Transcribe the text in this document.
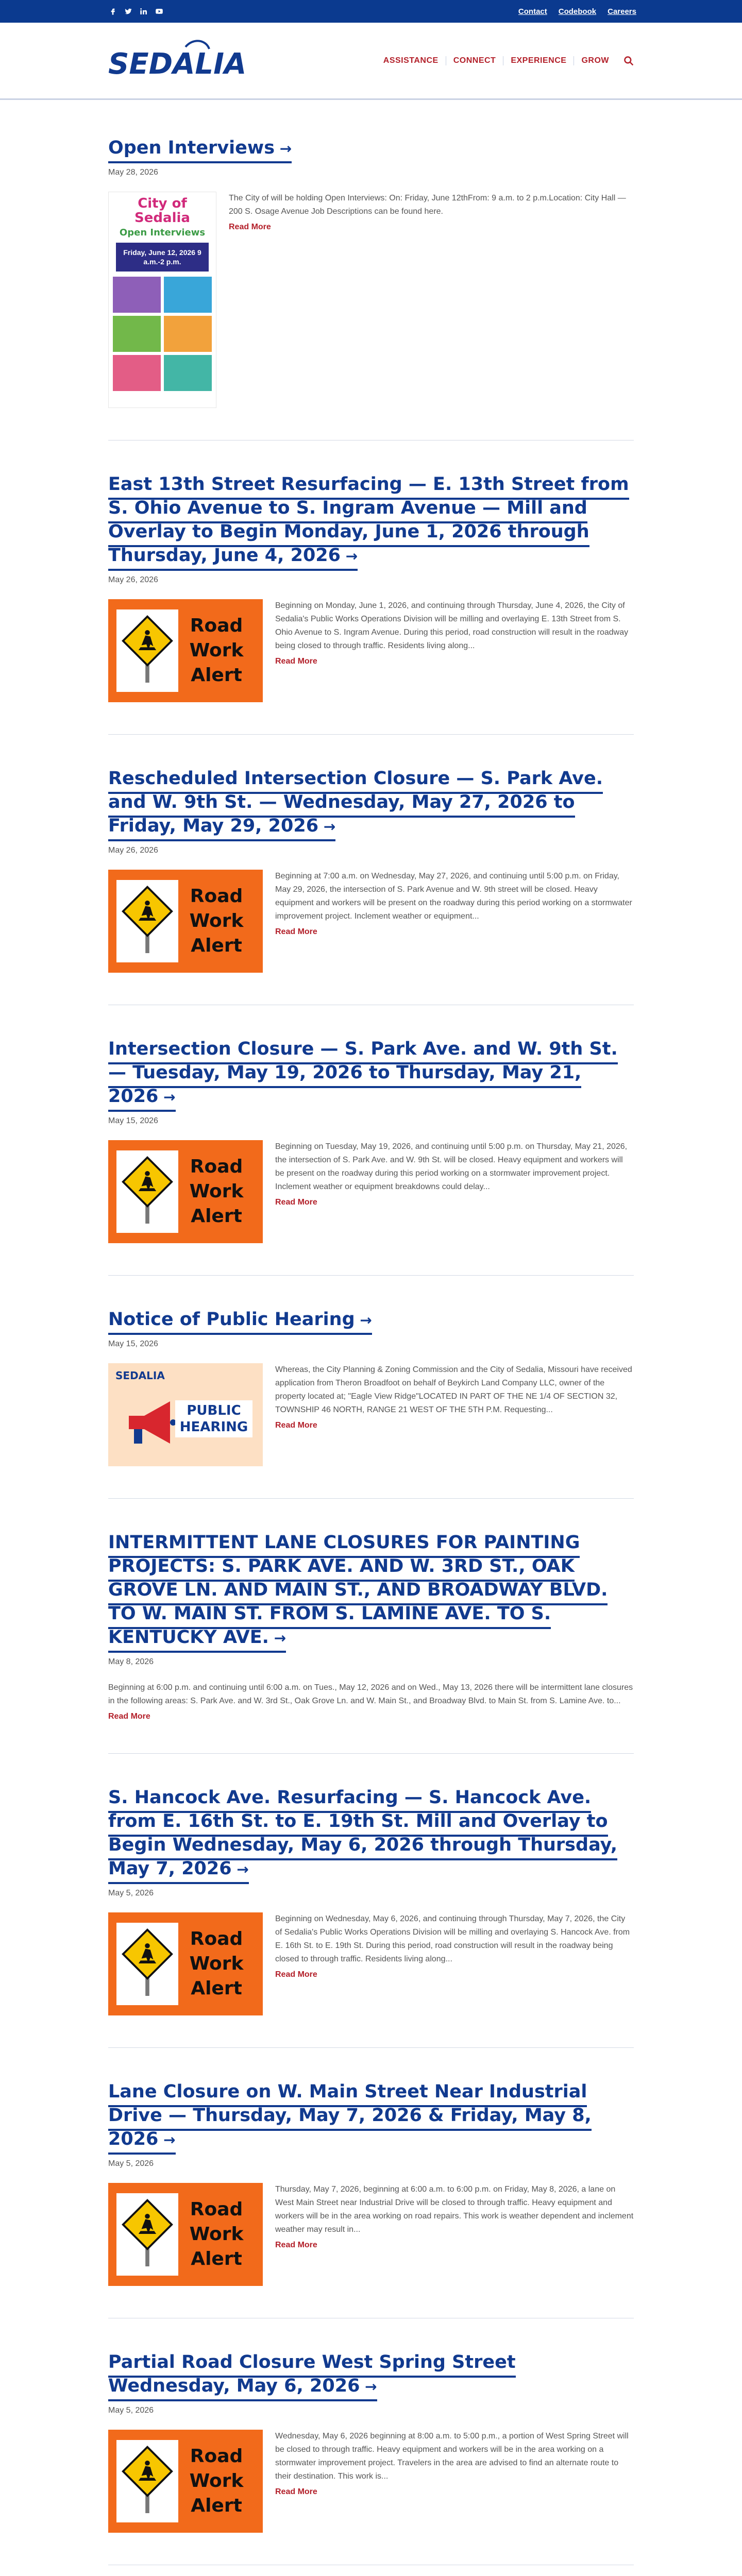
Contact Codebook Careers
SEDALIA	ASSISTANCE	CONNECT	EXPERIENCE	GROW
Open Interviews →
May 28, 2026
City of Sedalia
Open Interviews
Friday, June 12, 2026 9 a.m.-2 p.m.

The City of will be holding Open Interviews: On: Friday, June 12thFrom: 9 a.m. to 2 p.m.Location: City Hall — 200 S. Osage Avenue Job Descriptions can be found here.

Read More
East 13th Street Resurfacing — E. 13th Street from S. Ohio Avenue to S. Ingram Avenue — Mill and Overlay to Begin Monday, June 1, 2026 through Thursday, June 4, 2026 →
May 26, 2026
Road
Work
Alert

Beginning on Monday, June 1, 2026, and continuing through Thursday, June 4, 2026, the City of Sedalia's Public Works Operations Division will be milling and overlaying E. 13th Street from S. Ohio Avenue to S. Ingram Avenue. During this period, road construction will result in the roadway being closed to through traffic. Residents living along...

Read More
Rescheduled Intersection Closure — S. Park Ave. and W. 9th St. — Wednesday, May 27, 2026 to Friday, May 29, 2026 →
May 26, 2026
Road
Work
Alert

Beginning at 7:00 a.m. on Wednesday, May 27, 2026, and continuing until 5:00 p.m. on Friday, May 29, 2026, the intersection of S. Park Avenue and W. 9th street will be closed. Heavy equipment and workers will be present on the roadway during this period working on a stormwater improvement project. Inclement weather or equipment...

Read More
Intersection Closure — S. Park Ave. and W. 9th St. — Tuesday, May 19, 2026 to Thursday, May 21, 2026 →
May 15, 2026
Road
Work
Alert

Beginning on Tuesday, May 19, 2026, and continuing until 5:00 p.m. on Thursday, May 21, 2026, the intersection of S. Park Ave. and W. 9th St. will be closed. Heavy equipment and workers will be present on the roadway during this period working on a stormwater improvement project. Inclement weather or equipment breakdowns could delay...

Read More
Notice of Public Hearing →
May 15, 2026
SEDALIA
PUBLIC HEARING

Whereas, the City Planning & Zoning Commission and the City of Sedalia, Missouri have received application from Theron Broadfoot on behalf of Beykirch Land Company LLC, owner of the property located at; "Eagle View Ridge"LOCATED IN PART OF THE NE 1/4 OF SECTION 32, TOWNSHIP 46 NORTH, RANGE 21 WEST OF THE 5TH P.M. Requesting...

Read More
INTERMITTENT LANE CLOSURES FOR PAINTING PROJECTS: S. PARK AVE. AND W. 3RD ST., OAK GROVE LN. AND MAIN ST., AND BROADWAY BLVD. TO W. MAIN ST. FROM S. LAMINE AVE. TO S. KENTUCKY AVE. →
May 8, 2026

Beginning at 6:00 p.m. and continuing until 6:00 a.m. on Tues., May 12, 2026 and on Wed., May 13, 2026 there will be intermittent lane closures in the following areas: S. Park Ave. and W. 3rd St., Oak Grove Ln. and W. Main St., and Broadway Blvd. to Main St. from S. Lamine Ave. to...

Read More
S. Hancock Ave. Resurfacing — S. Hancock Ave. from E. 16th St. to E. 19th St. Mill and Overlay to Begin Wednesday, May 6, 2026 through Thursday, May 7, 2026 →
May 5, 2026
Road
Work
Alert

Beginning on Wednesday, May 6, 2026, and continuing through Thursday, May 7, 2026, the City of Sedalia's Public Works Operations Division will be milling and overlaying S. Hancock Ave. from E. 16th St. to E. 19th St. During this period, road construction will result in the roadway being closed to through traffic. Residents living along...

Read More
Lane Closure on W. Main Street Near Industrial Drive — Thursday, May 7, 2026 & Friday, May 8, 2026 →
May 5, 2026
Road
Work
Alert

Thursday, May 7, 2026, beginning at 6:00 a.m. to 6:00 p.m. on Friday, May 8, 2026, a lane on West Main Street near Industrial Drive will be closed to through traffic. Heavy equipment and workers will be in the area working on road repairs. This work is weather dependent and inclement weather may result in...

Read More
Partial Road Closure West Spring Street Wednesday, May 6, 2026 →
May 5, 2026
Road
Work
Alert

Wednesday, May 6, 2026 beginning at 8:00 a.m. to 5:00 p.m., a portion of West Spring Street will be closed to through traffic. Heavy equipment and workers will be in the area working on a stormwater improvement project. Travelers in the area are advised to find an alternate route to their destination. This work is...

Read More
